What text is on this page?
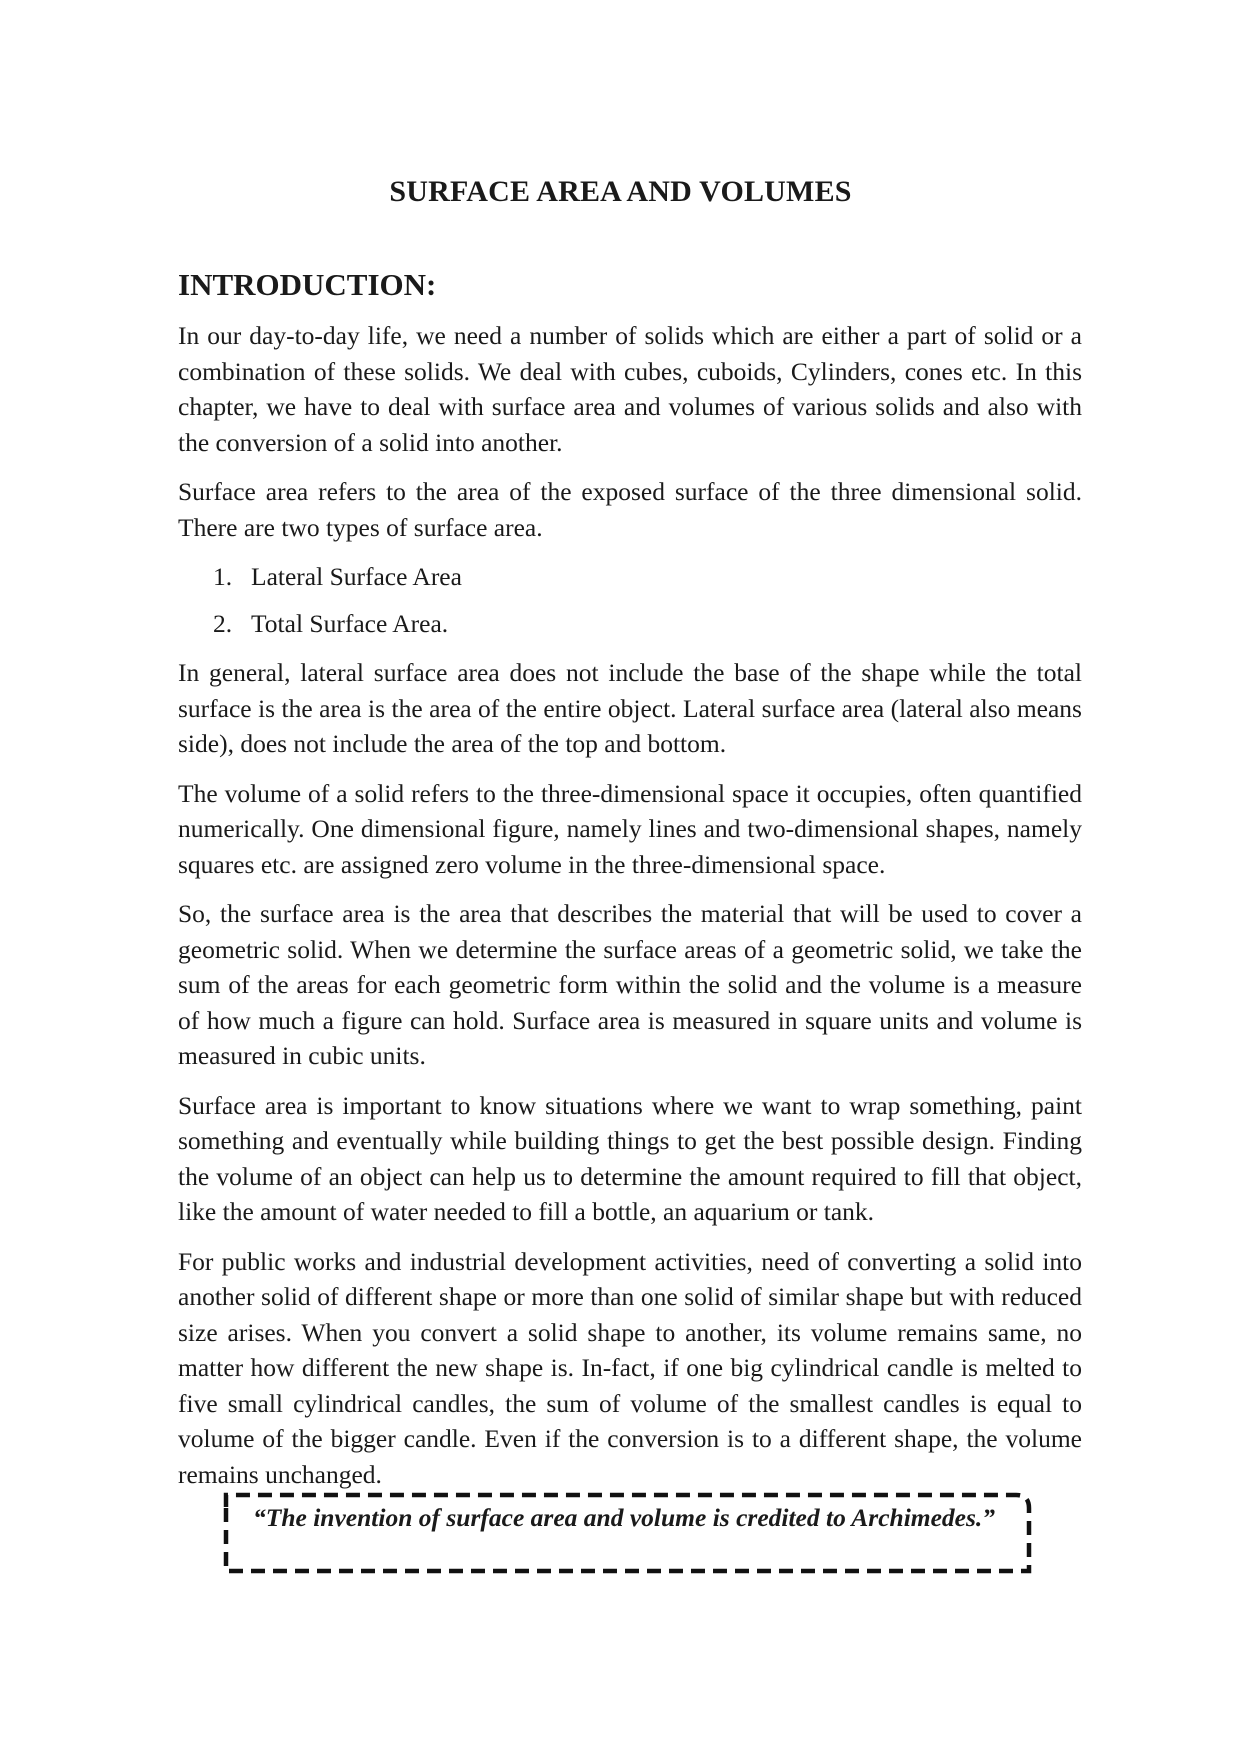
SURFACE AREA AND VOLUMES
INTRODUCTION:

In our day-to-day life, we need a number of solids which are either a part of solid or a combination of these solids. We deal with cubes, cuboids, Cylinders, cones etc. In this chapter, we have to deal with surface area and volumes of various solids and also with the conversion of a solid into another.

Surface area refers to the area of the exposed surface of the three dimensional solid. There are two types of surface area.

1. Lateral Surface Area
2. Total Surface Area.

In general, lateral surface area does not include the base of the shape while the total surface is the area is the area of the entire object. Lateral surface area (lateral also means side), does not include the area of the top and bottom.

The volume of a solid refers to the three-dimensional space it occupies, often quantified numerically. One dimensional figure, namely lines and two-dimensional shapes, namely squares etc. are assigned zero volume in the three-dimensional space.

So, the surface area is the area that describes the material that will be used to cover a geometric solid. When we determine the surface areas of a geometric solid, we take the sum of the areas for each geometric form within the solid and the volume is a measure of how much a figure can hold. Surface area is measured in square units and volume is measured in cubic units.

Surface area is important to know situations where we want to wrap something, paint something and eventually while building things to get the best possible design. Finding the volume of an object can help us to determine the amount required to fill that object, like the amount of water needed to fill a bottle, an aquarium or tank.

For public works and industrial development activities, need of converting a solid into another solid of different shape or more than one solid of similar shape but with reduced size arises. When you convert a solid shape to another, its volume remains same, no matter how different the new shape is. In-fact, if one big cylindrical candle is melted to five small cylindrical candles, the sum of volume of the smallest candles is equal to volume of the bigger candle. Even if the conversion is to a different shape, the volume remains unchanged.

“The invention of surface area and volume is credited to Archimedes.”
